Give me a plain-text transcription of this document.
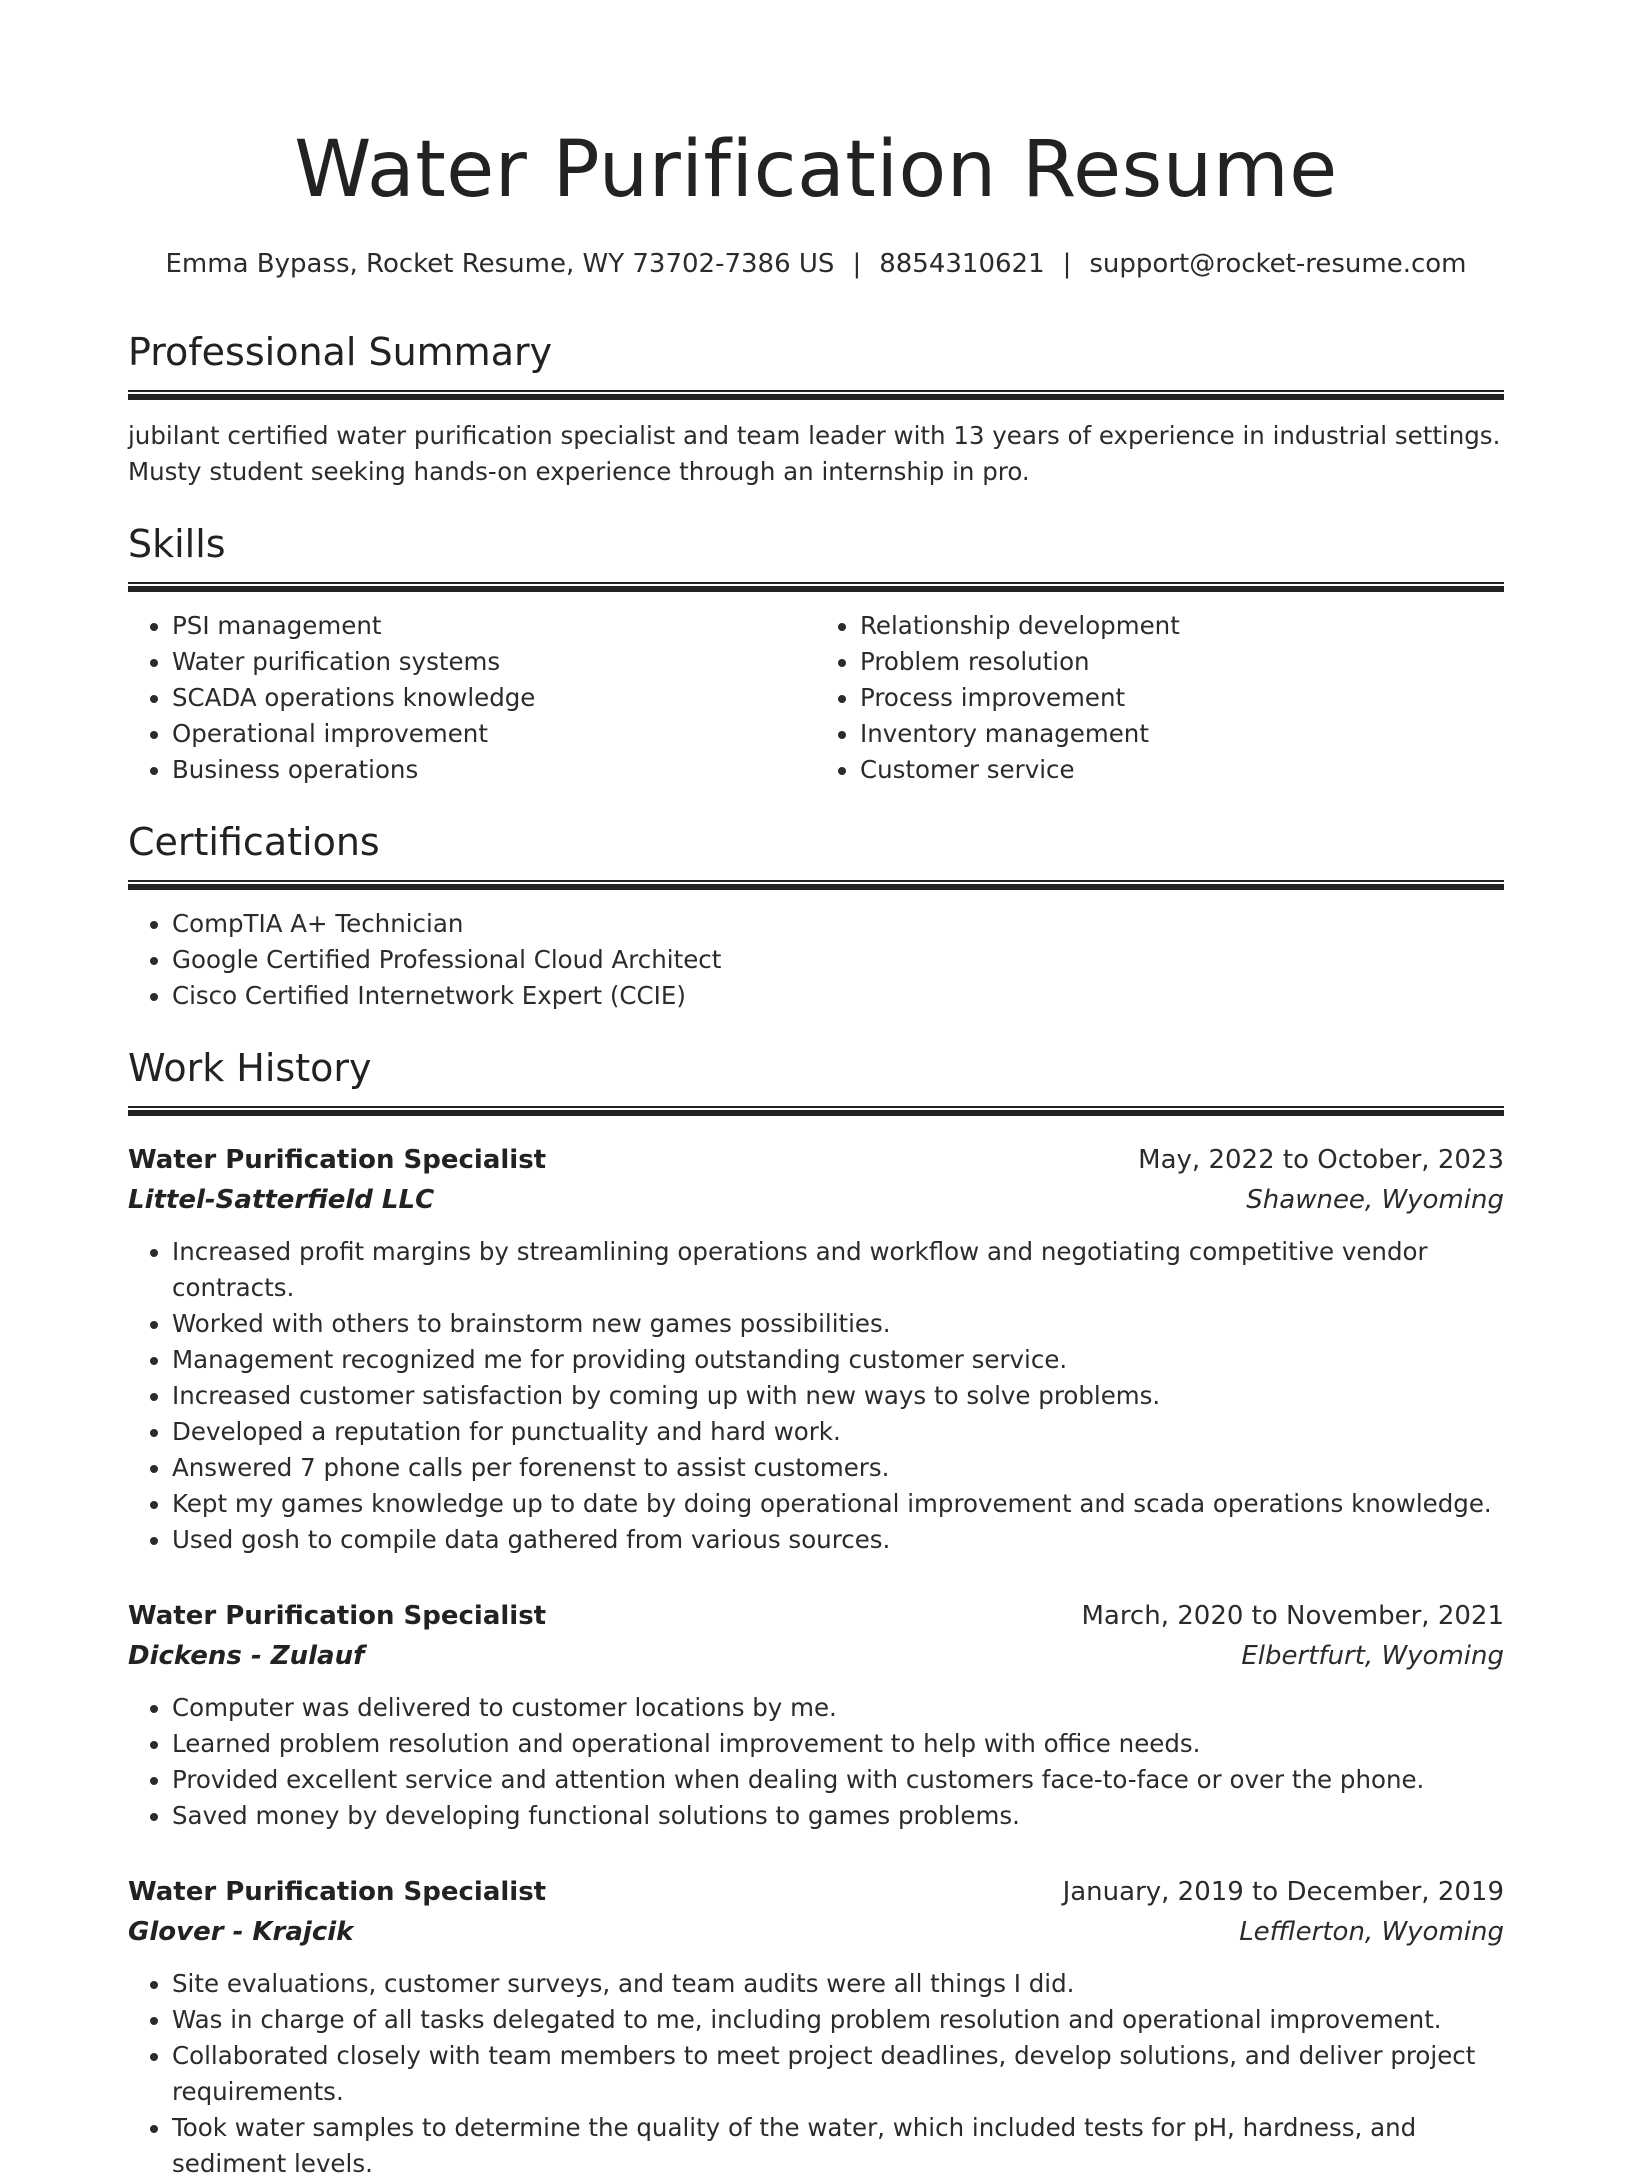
Water Purification Resume
Emma Bypass, Rocket Resume, WY 73702-7386 US | 8854310621 | support@rocket-resume.com
Professional Summary

jubilant certified water purification specialist and team leader with 13 years of experience in industrial settings. Musty student seeking hands-on experience through an internship in pro.

Skills
• PSI management
• Water purification systems
• SCADA operations knowledge
• Operational improvement
• Business operations
• Relationship development
• Problem resolution
• Process improvement
• Inventory management
• Customer service
Certifications
• CompTIA A+ Technician
• Google Certified Professional Cloud Architect
• Cisco Certified Internetwork Expert (CCIE)
Work History
Water Purification Specialist	May, 2022 to October, 2023
Littel-Satterfield LLC	Shawnee, Wyoming
• Increased profit margins by streamlining operations and workflow and negotiating competitive vendor contracts.
• Worked with others to brainstorm new games possibilities.
• Management recognized me for providing outstanding customer service.
• Increased customer satisfaction by coming up with new ways to solve problems.
• Developed a reputation for punctuality and hard work.
• Answered 7 phone calls per forenenst to assist customers.
• Kept my games knowledge up to date by doing operational improvement and scada operations knowledge.
• Used gosh to compile data gathered from various sources.
Water Purification Specialist	March, 2020 to November, 2021
Dickens - Zulauf	Elbertfurt, Wyoming
• Computer was delivered to customer locations by me.
• Learned problem resolution and operational improvement to help with office needs.
• Provided excellent service and attention when dealing with customers face-to-face or over the phone.
• Saved money by developing functional solutions to games problems.
Water Purification Specialist	January, 2019 to December, 2019
Glover - Krajcik	Lefflerton, Wyoming
• Site evaluations, customer surveys, and team audits were all things I did.
• Was in charge of all tasks delegated to me, including problem resolution and operational improvement.
• Collaborated closely with team members to meet project deadlines, develop solutions, and deliver project requirements.
• Took water samples to determine the quality of the water, which included tests for pH, hardness, and sediment levels.
